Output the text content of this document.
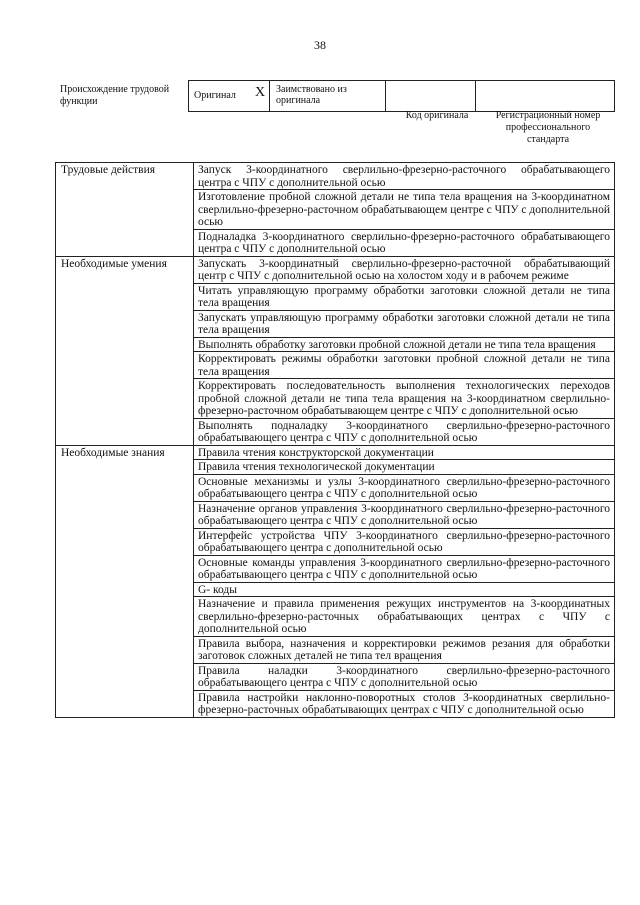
38
Происхождение трудовой функции
Оригинал Х	Заимствовано из оригинала
Код оригинала	Регистрационный номер профессионального стандарта
Трудовые действия	Запуск 3-координатного сверлильно-фрезерно-расточного обрабатывающего центра с ЧПУ с дополнительной осью
	Изготовление пробной сложной детали не типа тела вращения на 3-координатном сверлильно-фрезерно-расточном обрабатывающем центре с ЧПУ с дополнительной осью
	Подналадка 3-координатного сверлильно-фрезерно-расточного обрабатывающего центра с ЧПУ с дополнительной осью
Необходимые умения	Запускать 3-координатный сверлильно-фрезерно-расточной обрабатывающий центр с ЧПУ с дополнительной осью на холостом ходу и в рабочем режиме
	Читать управляющую программу обработки заготовки сложной детали не типа тела вращения
	Запускать управляющую программу обработки заготовки сложной детали не типа тела вращения
	Выполнять обработку заготовки пробной сложной детали не типа тела вращения
	Корректировать режимы обработки заготовки пробной сложной детали не типа тела вращения
	Корректировать последовательность выполнения технологических переходов пробной сложной детали не типа тела вращения на 3-координатном сверлильно-фрезерно-расточном обрабатывающем центре с ЧПУ с дополнительной осью
	Выполнять подналадку 3-координатного сверлильно-фрезерно-расточного обрабатывающего центра с ЧПУ с дополнительной осью
Необходимые знания	Правила чтения конструкторской документации
	Правила чтения технологической документации
	Основные механизмы и узлы 3-координатного сверлильно-фрезерно-расточного обрабатывающего центра с ЧПУ с дополнительной осью
	Назначение органов управления 3-координатного сверлильно-фрезерно-расточного обрабатывающего центра с ЧПУ с дополнительной осью
	Интерфейс устройства ЧПУ 3-координатного сверлильно-фрезерно-расточного обрабатывающего центра с дополнительной осью
	Основные команды управления 3-координатного сверлильно-фрезерно-расточного обрабатывающего центра с ЧПУ с дополнительной осью
	G- коды
	Назначение и правила применения режущих инструментов на 3-координатных сверлильно-фрезерно-расточных обрабатывающих центрах с ЧПУ с дополнительной осью
	Правила выбора, назначения и корректировки режимов резания для обработки заготовок сложных деталей не типа тел вращения
	Правила наладки 3-координатного сверлильно-фрезерно-расточного обрабатывающего центра с ЧПУ с дополнительной осью
	Правила настройки наклонно-поворотных столов 3-координатных сверлильно-фрезерно-расточных обрабатывающих центрах с ЧПУ с дополнительной осью
